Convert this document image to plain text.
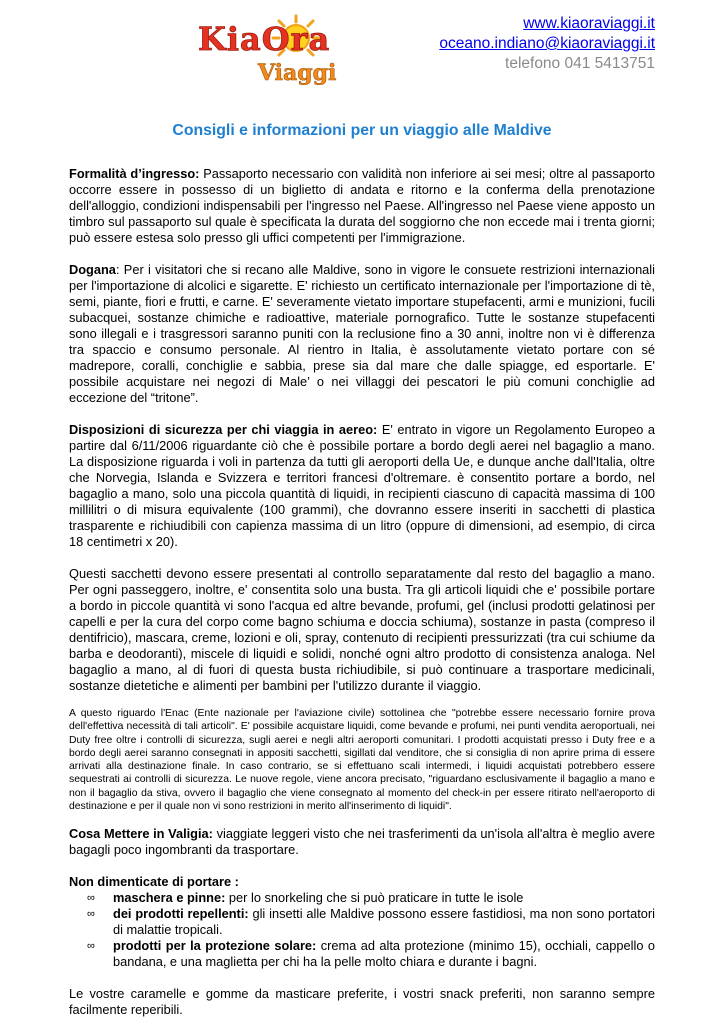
KiaOra
Viaggi
www.kiaoraviaggi.it
oceano.indiano@kiaoraviaggi.it
telefono 041 5413751
Consigli e informazioni per un viaggio alle Maldive

Formalità d’ingresso: Passaporto necessario con validità non inferiore ai sei mesi; oltre al passaporto occorre essere in possesso di un biglietto di andata e ritorno e la conferma della prenotazione dell'alloggio, condizioni indispensabili per l'ingresso nel Paese. All'ingresso nel Paese viene apposto un timbro sul passaporto sul quale è specificata la durata del soggiorno che non eccede mai i trenta giorni; può essere estesa solo presso gli uffici competenti per l'immigrazione.

Dogana: Per i visitatori che si recano alle Maldive, sono in vigore le consuete restrizioni internazionali per l'importazione di alcolici e sigarette. E' richiesto un certificato internazionale per l'importazione di tè, semi, piante, fiori e frutti, e carne. E' severamente vietato importare stupefacenti, armi e munizioni, fucili subacquei, sostanze chimiche e radioattive, materiale pornografico. Tutte le sostanze stupefacenti sono illegali e i trasgressori saranno puniti con la reclusione fino a 30 anni, inoltre non vi è differenza tra spaccio e consumo personale. Al rientro in Italia, è assolutamente vietato portare con sé madrepore, coralli, conchiglie e sabbia, prese sia dal mare che dalle spiagge, ed esportarle. E' possibile acquistare nei negozi di Male’ o nei villaggi dei pescatori le più comuni conchiglie ad eccezione del “tritone”.

Disposizioni di sicurezza per chi viaggia in aereo: E' entrato in vigore un Regolamento Europeo a partire dal 6/11/2006 riguardante ciò che è possibile portare a bordo degli aerei nel bagaglio a mano. La disposizione riguarda i voli in partenza da tutti gli aeroporti della Ue, e dunque anche dall'Italia, oltre che Norvegia, Islanda e Svizzera e territori francesi d'oltremare. è consentito portare a bordo, nel bagaglio a mano, solo una piccola quantità di liquidi, in recipienti ciascuno di capacità massima di 100 millilitri o di misura equivalente (100 grammi), che dovranno essere inseriti in sacchetti di plastica trasparente e richiudibili con capienza massima di un litro (oppure di dimensioni, ad esempio, di circa 18 centimetri x 20).

Questi sacchetti devono essere presentati al controllo separatamente dal resto del bagaglio a mano. Per ogni passeggero, inoltre, e' consentita solo una busta. Tra gli articoli liquidi che e' possibile portare a bordo in piccole quantità vi sono l'acqua ed altre bevande, profumi, gel (inclusi prodotti gelatinosi per capelli e per la cura del corpo come bagno schiuma e doccia schiuma), sostanze in pasta (compreso il dentifricio), mascara, creme, lozioni e oli, spray, contenuto di recipienti pressurizzati (tra cui schiume da barba e deodoranti), miscele di liquidi e solidi, nonché ogni altro prodotto di consistenza analoga. Nel bagaglio a mano, al di fuori di questa busta richiudibile, si può continuare a trasportare medicinali, sostanze dietetiche e alimenti per bambini per l'utilizzo durante il viaggio.

A questo riguardo l'Enac (Ente nazionale per l'aviazione civile) sottolinea che "potrebbe essere necessario fornire prova dell'effettiva necessità di tali articoli". E' possibile acquistare liquidi, come bevande e profumi, nei punti vendita aeroportuali, nei Duty free oltre i controlli di sicurezza, sugli aerei e negli altri aeroporti comunitari. I prodotti acquistati presso i Duty free e a bordo degli aerei saranno consegnati in appositi sacchetti, sigillati dal venditore, che si consiglia di non aprire prima di essere arrivati alla destinazione finale. In caso contrario, se si effettuano scali intermedi, i liquidi acquistati potrebbero essere sequestrati ai controlli di sicurezza. Le nuove regole, viene ancora precisato, "riguardano esclusivamente il bagaglio a mano e non il bagaglio da stiva, ovvero il bagaglio che viene consegnato al momento del check-in per essere ritirato nell'aeroporto di destinazione e per il quale non vi sono restrizioni in merito all'inserimento di liquidi".

Cosa Mettere in Valigia: viaggiate leggeri visto che nei trasferimenti da un'isola all'altra è meglio avere bagagli poco ingombranti da trasportare.

Non dimenticate di portare :

∞ maschera e pinne: per lo snorkeling che si può praticare in tutte le isole
∞ dei prodotti repellenti: gli insetti alle Maldive possono essere fastidiosi, ma non sono portatori di malattie tropicali.
∞ prodotti per la protezione solare: crema ad alta protezione (minimo 15), occhiali, cappello o bandana, e una maglietta per chi ha la pelle molto chiara e durante i bagni.

Le vostre caramelle e gomme da masticare preferite, i vostri snack preferiti, non saranno sempre facilmente reperibili.
